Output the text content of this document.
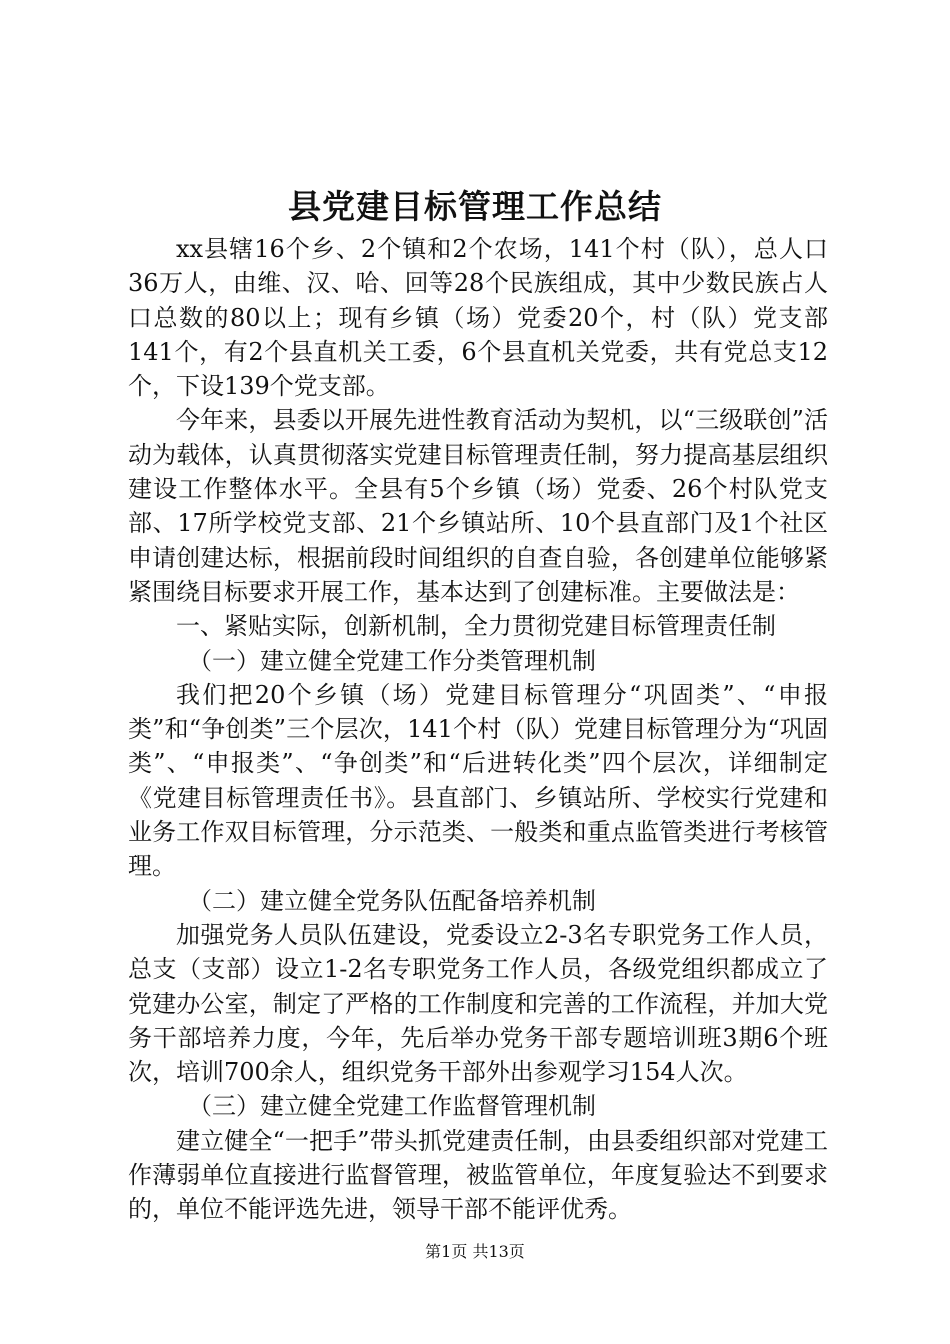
县党建目标管理工作总结

xx县辖16个乡、2个镇和2个农场，141个村（队），总人口36万人，由维、汉、哈、回等28个民族组成，其中少数民族占人口总数的80以上；现有乡镇（场）党委20个，村（队）党支部141个，有2个县直机关工委，6个县直机关党委，共有党总支12个，下设139个党支部。

今年来，县委以开展先进性教育活动为契机，以“三级联创”活动为载体，认真贯彻落实党建目标管理责任制，努力提高基层组织建设工作整体水平。全县有5个乡镇（场）党委、26个村队党支部、17所学校党支部、21个乡镇站所、10个县直部门及1个社区申请创建达标，根据前段时间组织的自查自验，各创建单位能够紧紧围绕目标要求开展工作，基本达到了创建标准。主要做法是：

一、紧贴实际，创新机制，全力贯彻党建目标管理责任制

（一）建立健全党建工作分类管理机制

我们把20个乡镇（场）党建目标管理分“巩固类”、“申报类”和“争创类”三个层次，141个村（队）党建目标管理分为“巩固类”、“申报类”、“争创类”和“后进转化类”四个层次，详细制定《党建目标管理责任书》。县直部门、乡镇站所、学校实行党建和业务工作双目标管理，分示范类、一般类和重点监管类进行考核管理。

（二）建立健全党务队伍配备培养机制

加强党务人员队伍建设，党委设立2-3名专职党务工作人员，总支（支部）设立1-2名专职党务工作人员，各级党组织都成立了党建办公室，制定了严格的工作制度和完善的工作流程，并加大党务干部培养力度，今年，先后举办党务干部专题培训班3期6个班次，培训700余人，组织党务干部外出参观学习154人次。

（三）建立健全党建工作监督管理机制

建立健全“一把手”带头抓党建责任制，由县委组织部对党建工作薄弱单位直接进行监督管理，被监管单位，年度复验达不到要求的，单位不能评选先进，领导干部不能评优秀。

第1页 共13页
